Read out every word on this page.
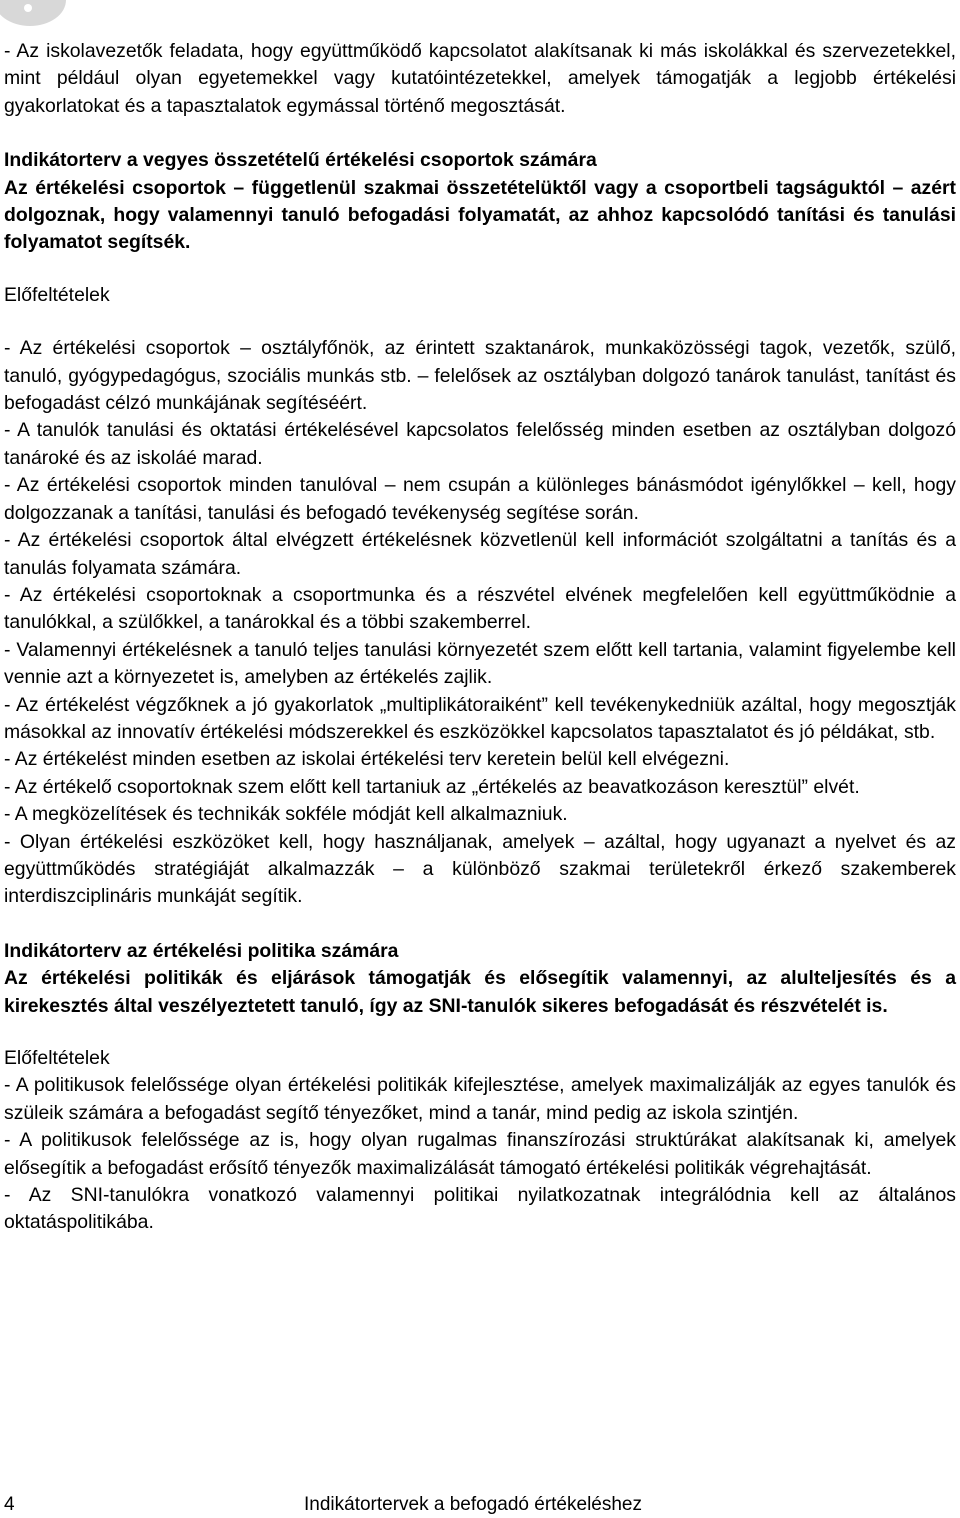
- Az iskolavezetők feladata, hogy együttműködő kapcsolatot alakítsanak ki más iskolákkal és szervezetekkel, mint például olyan egyetemekkel vagy kutatóintézetekkel, amelyek támogatják a legjobb értékelési gyakorlatokat és a tapasztalatok egymással történő megosztását.

Indikátorterv a vegyes összetételű értékelési csoportok számára

Az értékelési csoportok – függetlenül szakmai összetételüktől vagy a csoportbeli tagságuktól – azért dolgoznak, hogy valamennyi tanuló befogadási folyamatát, az ahhoz kapcsolódó tanítási és tanulási folyamatot segítsék.

Előfeltételek

- Az értékelési csoportok – osztályfőnök, az érintett szaktanárok, munkaközösségi tagok, vezetők, szülő, tanuló, gyógypedagógus, szociális munkás stb. – felelősek az osztályban dolgozó tanárok tanulást, tanítást és befogadást célzó munkájának segítéséért.

- A tanulók tanulási és oktatási értékelésével kapcsolatos felelősség minden esetben az osztályban dolgozó tanároké és az iskoláé marad.

- Az értékelési csoportok minden tanulóval – nem csupán a különleges bánásmódot igénylőkkel – kell, hogy dolgozzanak a tanítási, tanulási és befogadó tevékenység segítése során.

- Az értékelési csoportok által elvégzett értékelésnek közvetlenül kell információt szolgáltatni a tanítás és a tanulás folyamata számára.

- Az értékelési csoportoknak a csoportmunka és a részvétel elvének megfelelően kell együttműködnie a tanulókkal, a szülőkkel, a tanárokkal és a többi szakemberrel.

- Valamennyi értékelésnek a tanuló teljes tanulási környezetét szem előtt kell tartania, valamint figyelembe kell vennie azt a környezetet is, amelyben az értékelés zajlik.

- Az értékelést végzőknek a jó gyakorlatok „multiplikátoraiként” kell tevékenykedniük azáltal, hogy megosztják másokkal az innovatív értékelési módszerekkel és eszközökkel kapcsolatos tapasztalatot és jó példákat, stb.

- Az értékelést minden esetben az iskolai értékelési terv keretein belül kell elvégezni.

- Az értékelő csoportoknak szem előtt kell tartaniuk az „értékelés az beavatkozáson keresztül” elvét.

- A megközelítések és technikák sokféle módját kell alkalmazniuk.

- Olyan értékelési eszközöket kell, hogy használjanak, amelyek – azáltal, hogy ugyanazt a nyelvet és az együttműködés stratégiáját alkalmazzák – a különböző szakmai területekről érkező szakemberek interdiszciplináris munkáját segítik.

Indikátorterv az értékelési politika számára

Az értékelési politikák és eljárások támogatják és elősegítik valamennyi, az alulteljesítés és a kirekesztés által veszélyeztetett tanuló, így az SNI-tanulók sikeres befogadását és részvételét is.

Előfeltételek

- A politikusok felelőssége olyan értékelési politikák kifejlesztése, amelyek maximalizálják az egyes tanulók és szüleik számára a befogadást segítő tényezőket, mind a tanár, mind pedig az iskola szintjén.

- A politikusok felelőssége az is, hogy olyan rugalmas finanszírozási struktúrákat alakítsanak ki, amelyek elősegítik a befogadást erősítő tényezők maximalizálását támogató értékelési politikák végrehajtását.

- Az SNI-tanulókra vonatkozó valamennyi politikai nyilatkozatnak integrálódnia kell az általános oktatáspolitikába.

4	Indikátortervek a befogadó értékeléshez
